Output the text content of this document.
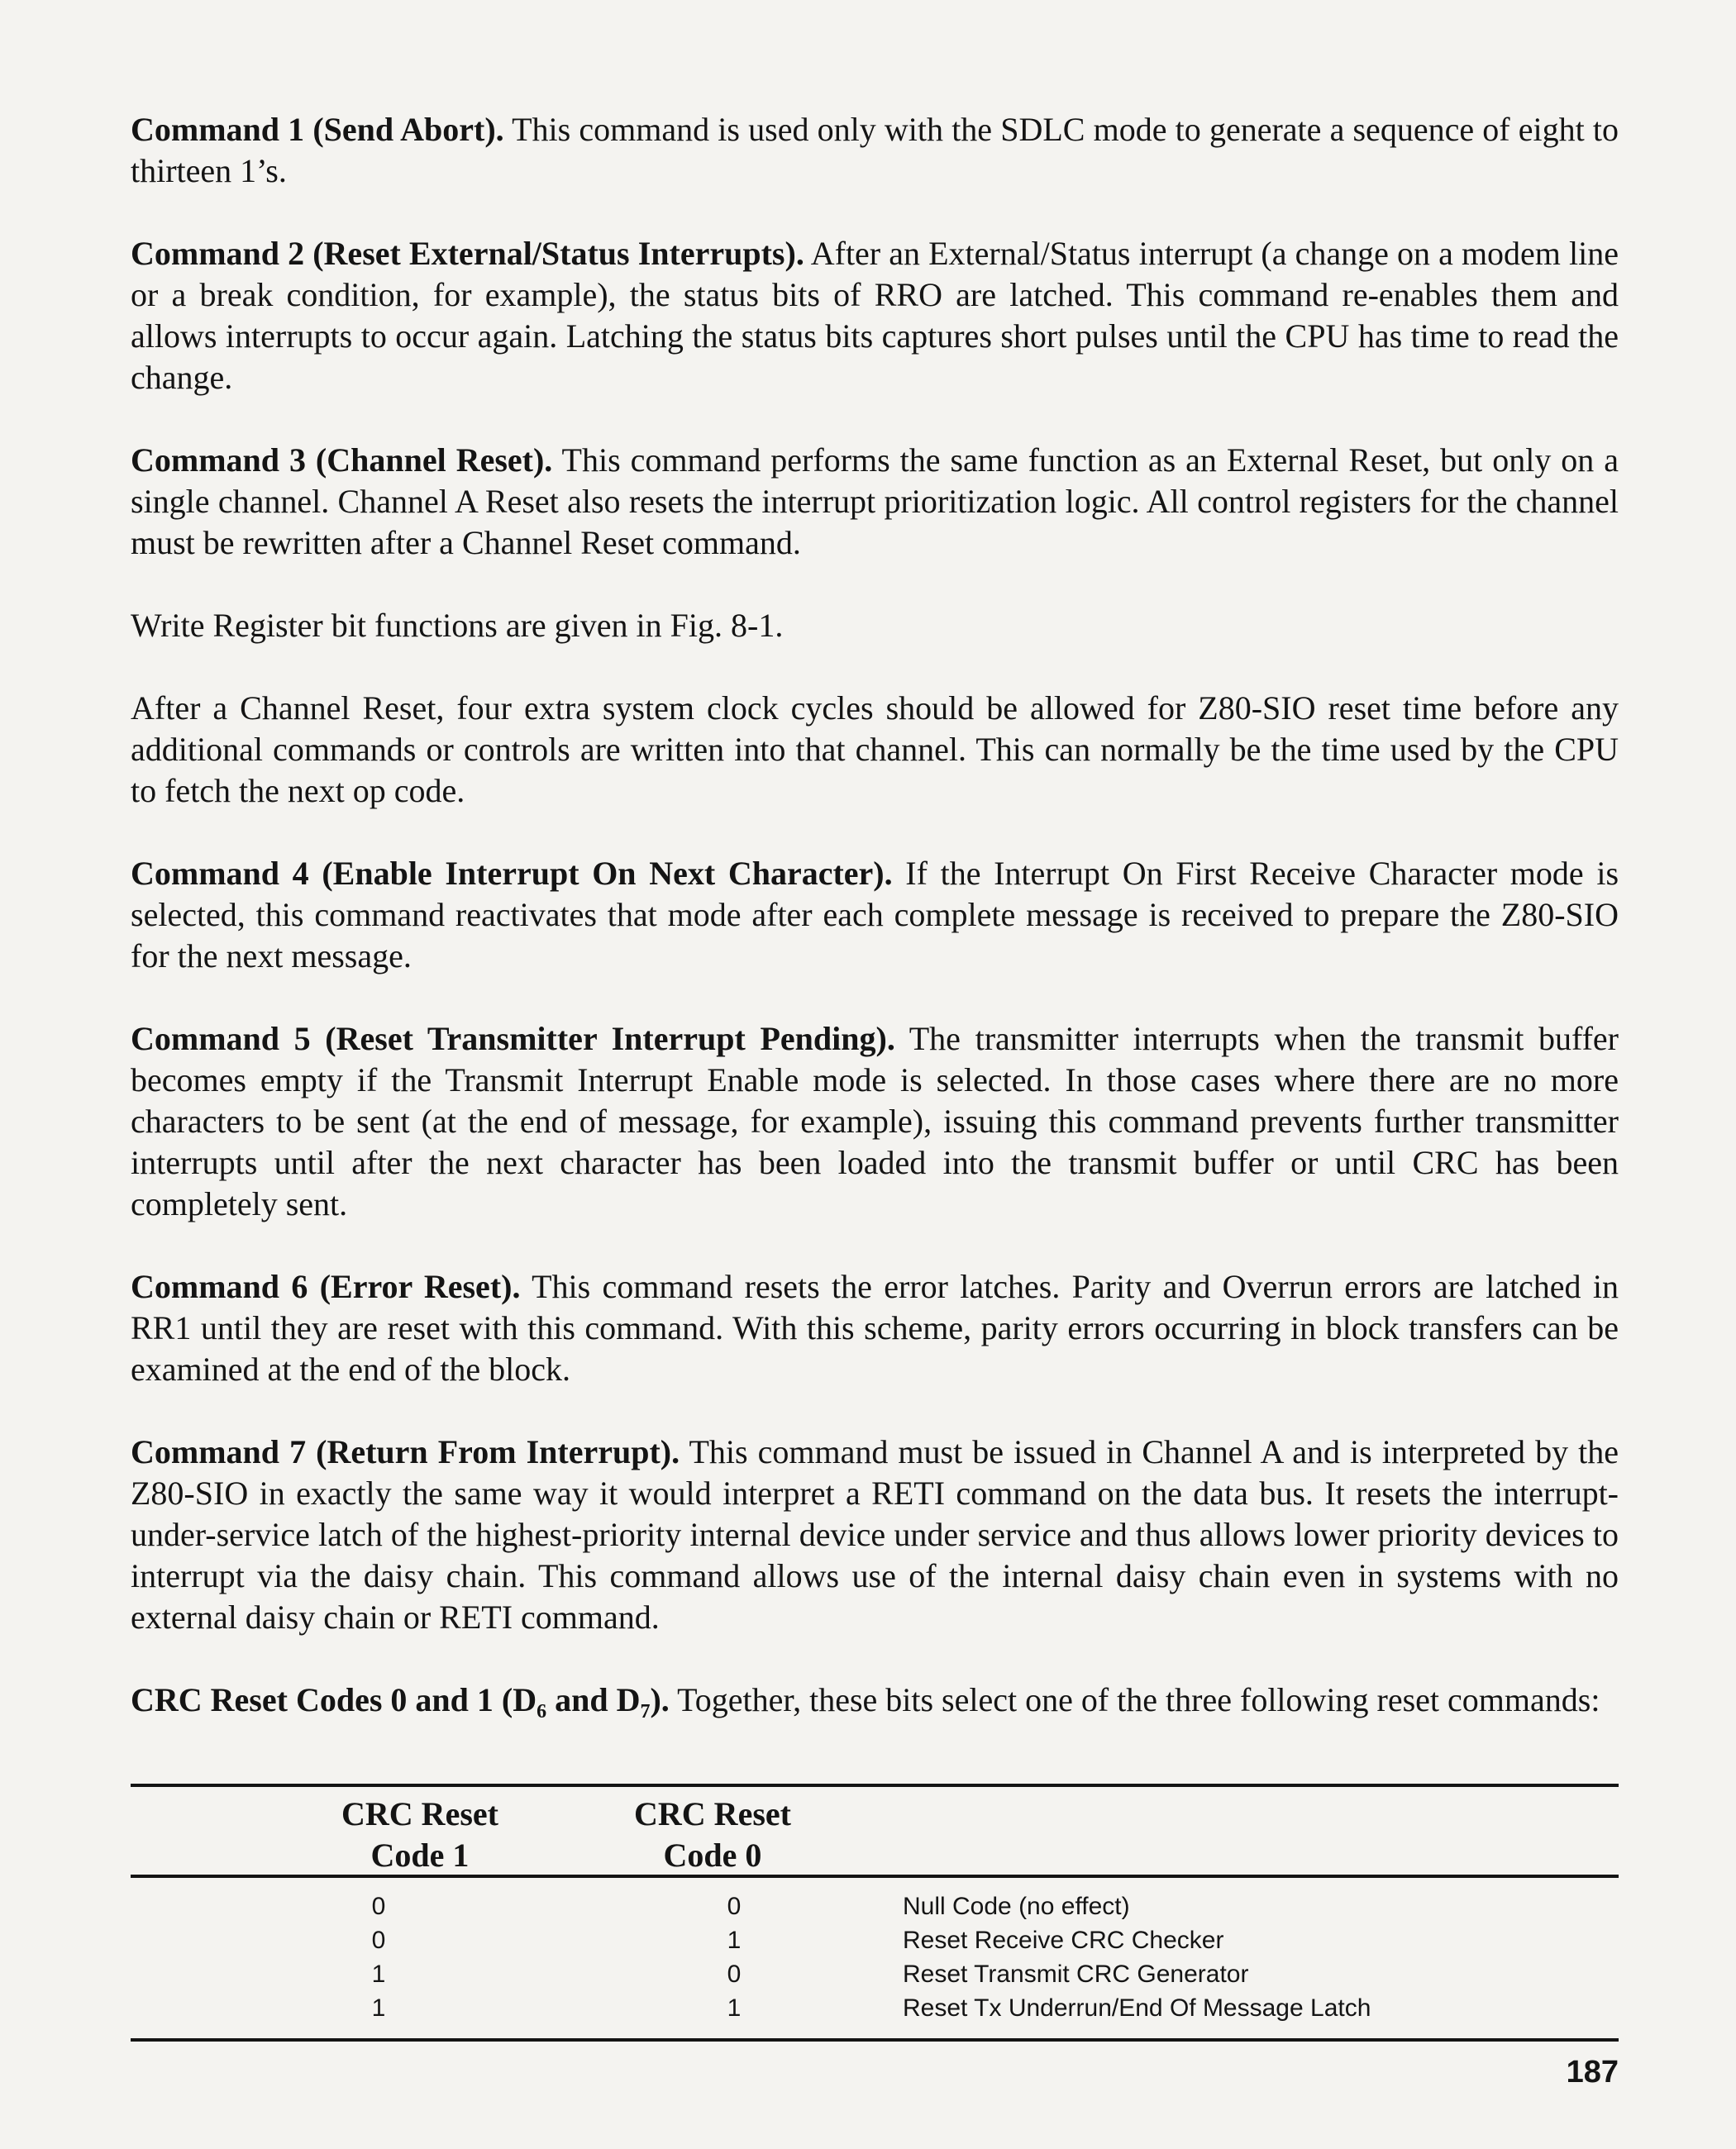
Command 1 (Send Abort). This command is used only with the SDLC mode to generate a sequence of eight to thirteen 1’s.

Command 2 (Reset External/Status Interrupts). After an External/Status interrupt (a change on a modem line or a break condition, for example), the status bits of RRO are latched. This command re-enables them and allows interrupts to occur again. Latching the status bits captures short pulses until the CPU has time to read the change.

Command 3 (Channel Reset). This command performs the same function as an External Reset, but only on a single channel. Channel A Reset also resets the interrupt prioritization logic. All control registers for the channel must be rewritten after a Channel Reset command.

Write Register bit functions are given in Fig. 8-1.

After a Channel Reset, four extra system clock cycles should be allowed for Z80-SIO reset time before any additional commands or controls are written into that channel. This can normally be the time used by the CPU to fetch the next op code.

Command 4 (Enable Interrupt On Next Character). If the Interrupt On First Receive Character mode is selected, this command reactivates that mode after each complete message is received to prepare the Z80-SIO for the next message.

Command 5 (Reset Transmitter Interrupt Pending). The transmitter interrupts when the transmit buffer becomes empty if the Transmit Interrupt Enable mode is selected. In those cases where there are no more characters to be sent (at the end of message, for example), issuing this command prevents further transmitter interrupts until after the next character has been loaded into the transmit buffer or until CRC has been completely sent.

Command 6 (Error Reset). This command resets the error latches. Parity and Overrun errors are latched in RR1 until they are reset with this command. With this scheme, parity errors occurring in block transfers can be examined at the end of the block.

Command 7 (Return From Interrupt). This command must be issued in Channel A and is interpreted by the Z80-SIO in exactly the same way it would interpret a RETI command on the data bus. It resets the interrupt-under-service latch of the highest-priority internal device under service and thus allows lower priority devices to interrupt via the daisy chain. This command allows use of the internal daisy chain even in systems with no external daisy chain or RETI command.

CRC Reset Codes 0 and 1 ($D_6$ and $D_7$). Together, these bits select one of the three following reset commands:

CRC Reset
Code 1
CRC Reset
Code 0
0	0	Null Code (no effect)
0	1	Reset Receive CRC Checker
1	0	Reset Transmit CRC Generator
1	1	Reset Tx Underrun/End Of Message Latch
187
